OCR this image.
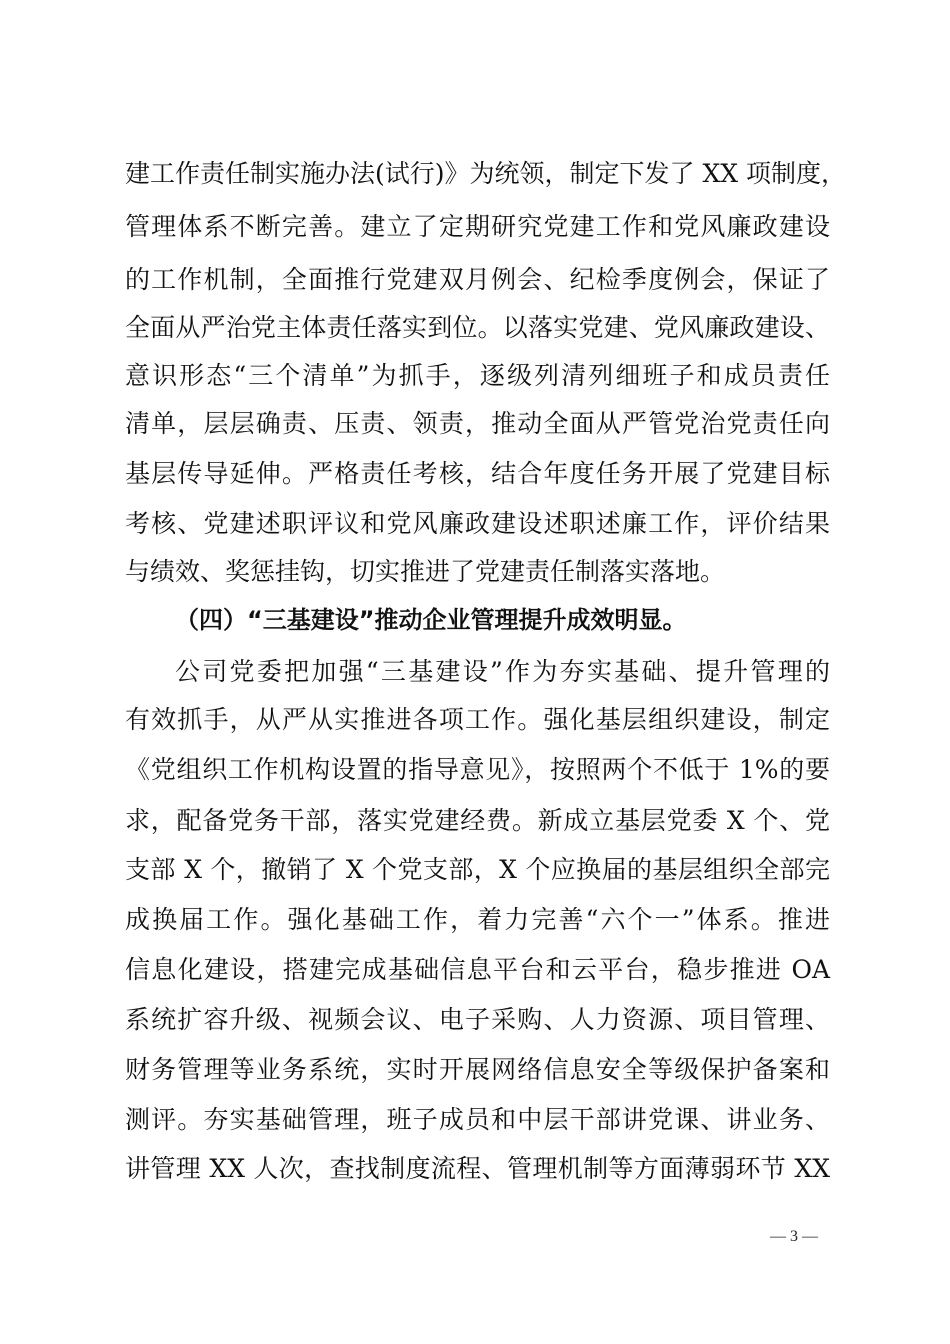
建工作责任制实施办法(试行)》为统领，制定下发了 XX 项制度，
管理体系不断完善。建立了定期研究党建工作和党风廉政建设
的工作机制，全面推行党建双月例会、纪检季度例会，保证了
全面从严治党主体责任落实到位。以落实党建、党风廉政建设、
意识形态“三个清单”为抓手，逐级列清列细班子和成员责任
清单，层层确责、压责、领责，推动全面从严管党治党责任向
基层传导延伸。严格责任考核，结合年度任务开展了党建目标
考核、党建述职评议和党风廉政建设述职述廉工作，评价结果
与绩效、奖惩挂钩，切实推进了党建责任制落实落地。
（四）“三基建设”推动企业管理提升成效明显。
公司党委把加强“三基建设”作为夯实基础、提升管理的
有效抓手，从严从实推进各项工作。强化基层组织建设，制定
《党组织工作机构设置的指导意见》，按照两个不低于 1%的要
求，配备党务干部，落实党建经费。新成立基层党委 X 个、党
支部 X 个，撤销了 X 个党支部，X 个应换届的基层组织全部完
成换届工作。强化基础工作，着力完善“六个一”体系。推进
信息化建设，搭建完成基础信息平台和云平台，稳步推进 OA
系统扩容升级、视频会议、电子采购、人力资源、项目管理、
财务管理等业务系统，实时开展网络信息安全等级保护备案和
测评。夯实基础管理，班子成员和中层干部讲党课、讲业务、
讲管理 XX 人次，查找制度流程、管理机制等方面薄弱环节 XX
— 3 —
